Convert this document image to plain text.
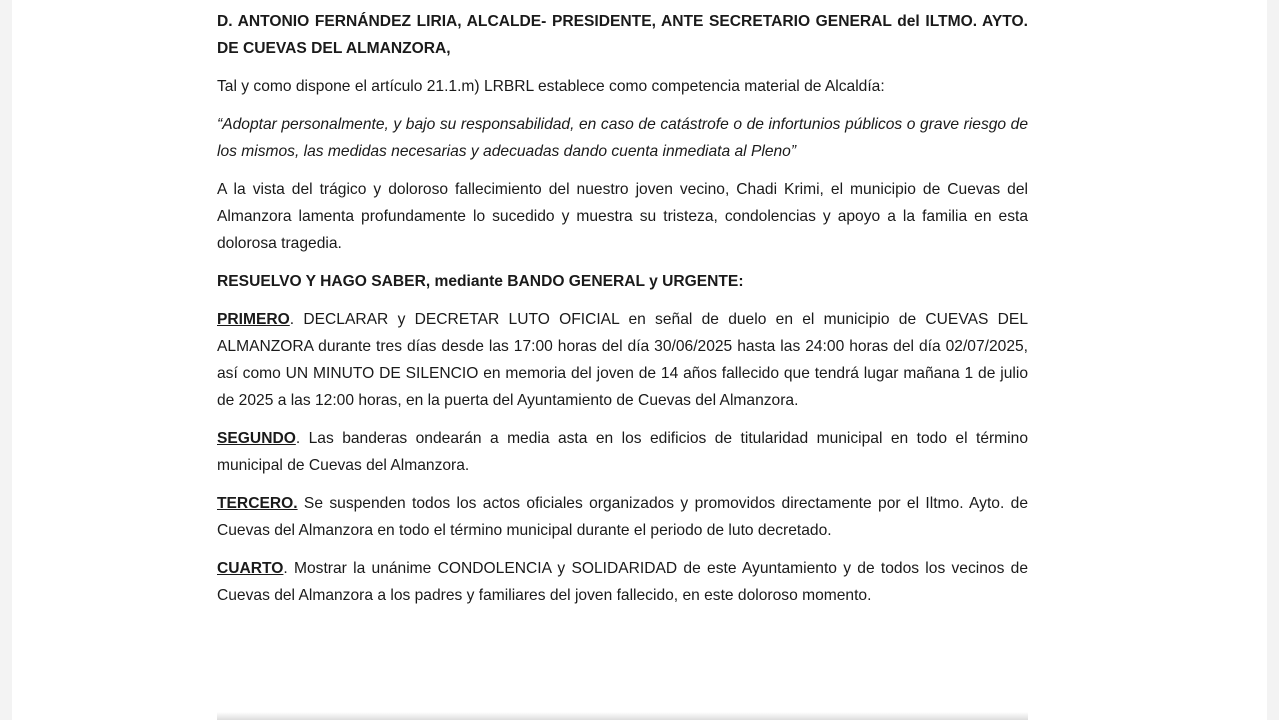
D. ANTONIO FERNÁNDEZ LIRIA, ALCALDE- PRESIDENTE, ANTE SECRETARIO GENERAL del ILTMO. AYTO. DE CUEVAS DEL ALMANZORA,

Tal y como dispone el artículo 21.1.m) LRBRL establece como competencia material de Alcaldía:

“Adoptar personalmente, y bajo su responsabilidad, en caso de catástrofe o de infortunios públicos o grave riesgo de los mismos, las medidas necesarias y adecuadas dando cuenta inmediata al Pleno”

A la vista del trágico y doloroso fallecimiento del nuestro joven vecino, Chadi Krimi, el municipio de Cuevas del Almanzora lamenta profundamente lo sucedido y muestra su tristeza, condolencias y apoyo a la familia en esta dolorosa tragedia.

RESUELVO Y HAGO SABER, mediante BANDO GENERAL y URGENTE:

PRIMERO. DECLARAR y DECRETAR LUTO OFICIAL en señal de duelo en el municipio de CUEVAS DEL ALMANZORA durante tres días desde las 17:00 horas del día 30/06/2025 hasta las 24:00 horas del día 02/07/2025, así como UN MINUTO DE SILENCIO en memoria del joven de 14 años fallecido que tendrá lugar mañana 1 de julio de 2025 a las 12:00 horas, en la puerta del Ayuntamiento de Cuevas del Almanzora.

SEGUNDO. Las banderas ondearán a media asta en los edificios de titularidad municipal en todo el término municipal de Cuevas del Almanzora.

TERCERO. Se suspenden todos los actos oficiales organizados y promovidos directamente por el Iltmo. Ayto. de Cuevas del Almanzora en todo el término municipal durante el periodo de luto decretado.

CUARTO. Mostrar la unánime CONDOLENCIA y SOLIDARIDAD de este Ayuntamiento y de todos los vecinos de Cuevas del Almanzora a los padres y familiares del joven fallecido, en este doloroso momento.
